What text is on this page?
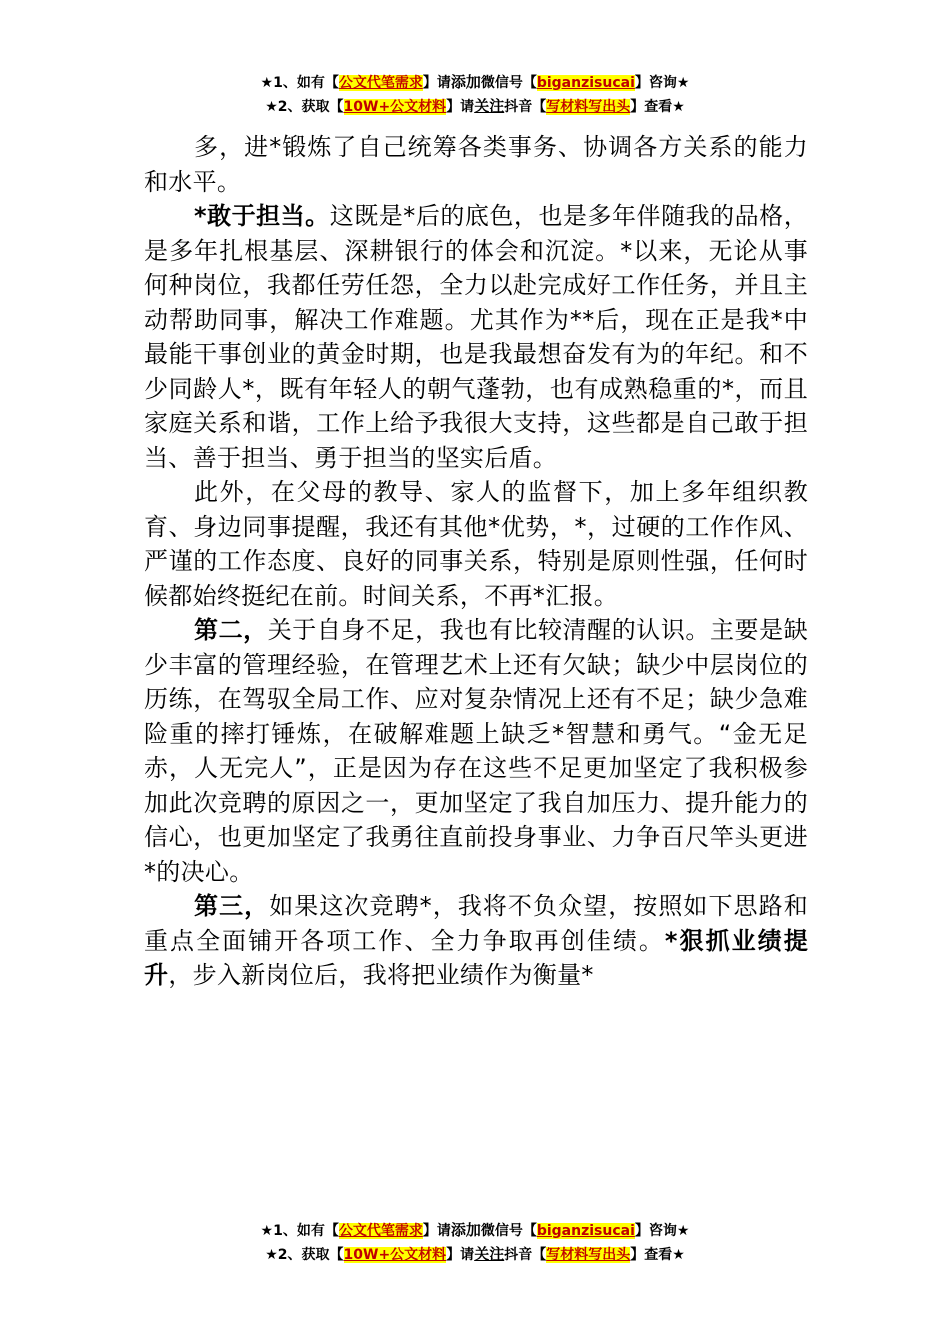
★1、如有【公文代笔需求】请添加微信号【biganzisucai】咨询★
★2、获取【10W+公文材料】请关注抖音【写材料写出头】查看★

多，进*锻炼了自己统筹各类事务、协调各方关系的能力和水平。

*敢于担当。这既是*后的底色，也是多年伴随我的品格，是多年扎根基层、深耕银行的体会和沉淀。*以来，无论从事何种岗位，我都任劳任怨，全力以赴完成好工作任务，并且主动帮助同事，解决工作难题。尤其作为**后，现在正是我*中最能干事创业的黄金时期，也是我最想奋发有为的年纪。和不少同龄人*，既有年轻人的朝气蓬勃，也有成熟稳重的*，而且家庭关系和谐，工作上给予我很大支持，这些都是自己敢于担当、善于担当、勇于担当的坚实后盾。

此外，在父母的教导、家人的监督下，加上多年组织教育、身边同事提醒，我还有其他*优势，*，过硬的工作作风、严谨的工作态度、良好的同事关系，特别是原则性强，任何时候都始终挺纪在前。时间关系，不再*汇报。

第二，关于自身不足，我也有比较清醒的认识。主要是缺少丰富的管理经验，在管理艺术上还有欠缺；缺少中层岗位的历练，在驾驭全局工作、应对复杂情况上还有不足；缺少急难险重的摔打锤炼，在破解难题上缺乏*智慧和勇气。“金无足赤，人无完人”，正是因为存在这些不足更加坚定了我积极参加此次竞聘的原因之一，更加坚定了我自加压力、提升能力的信心，也更加坚定了我勇往直前投身事业、力争百尺竿头更进*的决心。

第三，如果这次竞聘*，我将不负众望，按照如下思路和重点全面铺开各项工作、全力争取再创佳绩。*狠抓业绩提升，步入新岗位后，我将把业绩作为衡量*

★1、如有【公文代笔需求】请添加微信号【biganzisucai】咨询★
★2、获取【10W+公文材料】请关注抖音【写材料写出头】查看★
